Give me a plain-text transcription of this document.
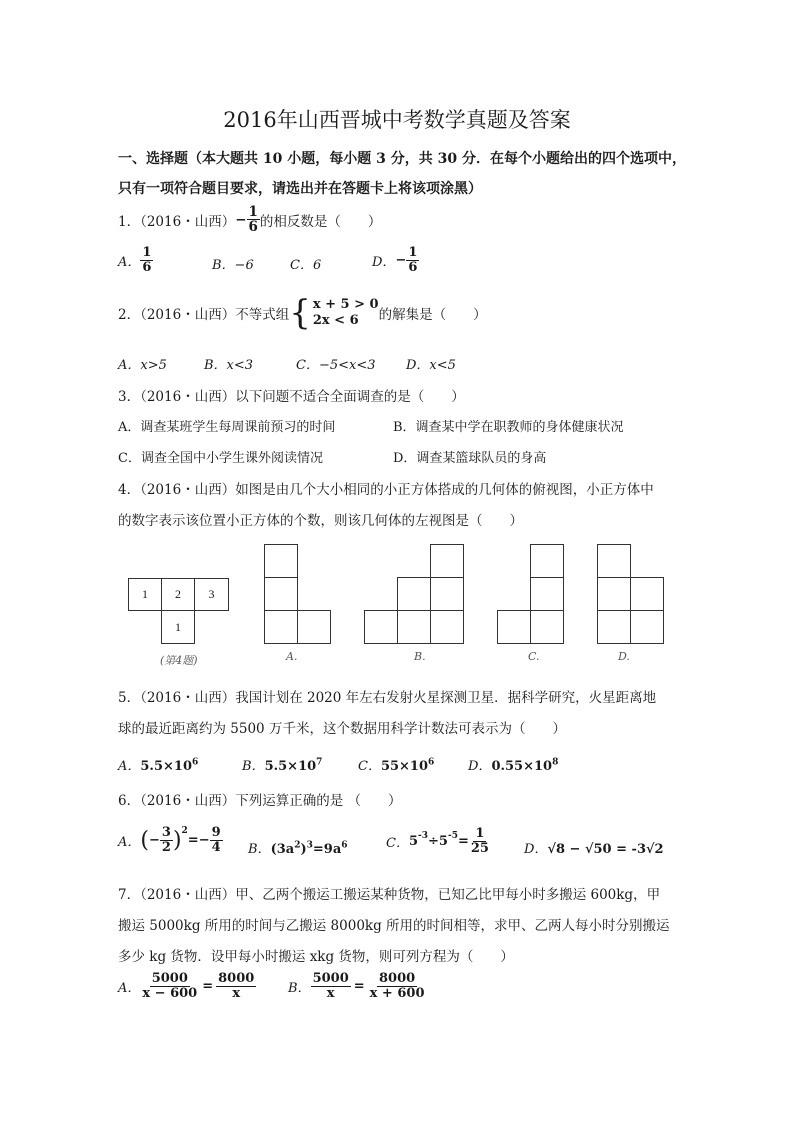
2016年山西晋城中考数学真题及答案
一、选择题（本大题共 10 小题，每小题 3 分，共 30 分．在每个小题给出的四个选项中，
只有一项符合题目要求，请选出并在答题卡上将该项涂黑）
1．（2016・山西） − $\frac{1}{6}$ 的相反数是（　　）
A． $\frac{1}{6}$	B．−6	C．6	D． − $\frac{1}{6}$
2．（2016・山西）不等式组 { x + 5 > 0
2x < 6	的解集是（　　）
A．x>5	B．x<3	C．−5<x<3 D．x<5
3．（2016・山西）以下问题不适合全面调查的是（　　）
A．调查某班学生每周课前预习的时间	B．调查某中学在职教师的身体健康状况
C．调查全国中小学生课外阅读情况	D．调查某篮球队员的身高
4．（2016・山西）如图是由几个大小相同的小正方体搭成的几何体的俯视图，小正方体中
的数字表示该位置小正方体的个数，则该几何体的左视图是（　　）
1	2	3
1
(第4题)	A.	B.	C.	D.
5．（2016・山西）我国计划在 2020 年左右发射火星探测卫星．据科学研究，火星距离地
球的最近距离约为 5500 万千米，这个数据用科学计数法可表示为（　　）
A．$5.5\times 10^6$	B．$5.5\times 10^7$	C．$55\times 10^6$	D．$0.55\times 10^8$
6．（2016・山西）下列运算正确的是 （　　）
A． ( − $\frac{3}{2} )^2$
=− $\frac{9}{4}$ B．$(3a^2)^3=9a^6$	C． $5^{-3} \div 5^{-5} = \frac{1}{25}$	D．√8 − √50 = -3√2
7．（2016・山西）甲、乙两个搬运工搬运某种货物，已知乙比甲每小时多搬运 600kg，甲
搬运 5000kg 所用的时间与乙搬运 8000kg 所用的时间相等，求甲、乙两人每小时分别搬运
多少 kg 货物．设甲每小时搬运 xkg 货物，则可列方程为（　　）
A． $\frac{5000}{x - 600} = \frac{8000}{x}$ B． $\frac{5000}{x} = \frac{8000}{x + 600}$
